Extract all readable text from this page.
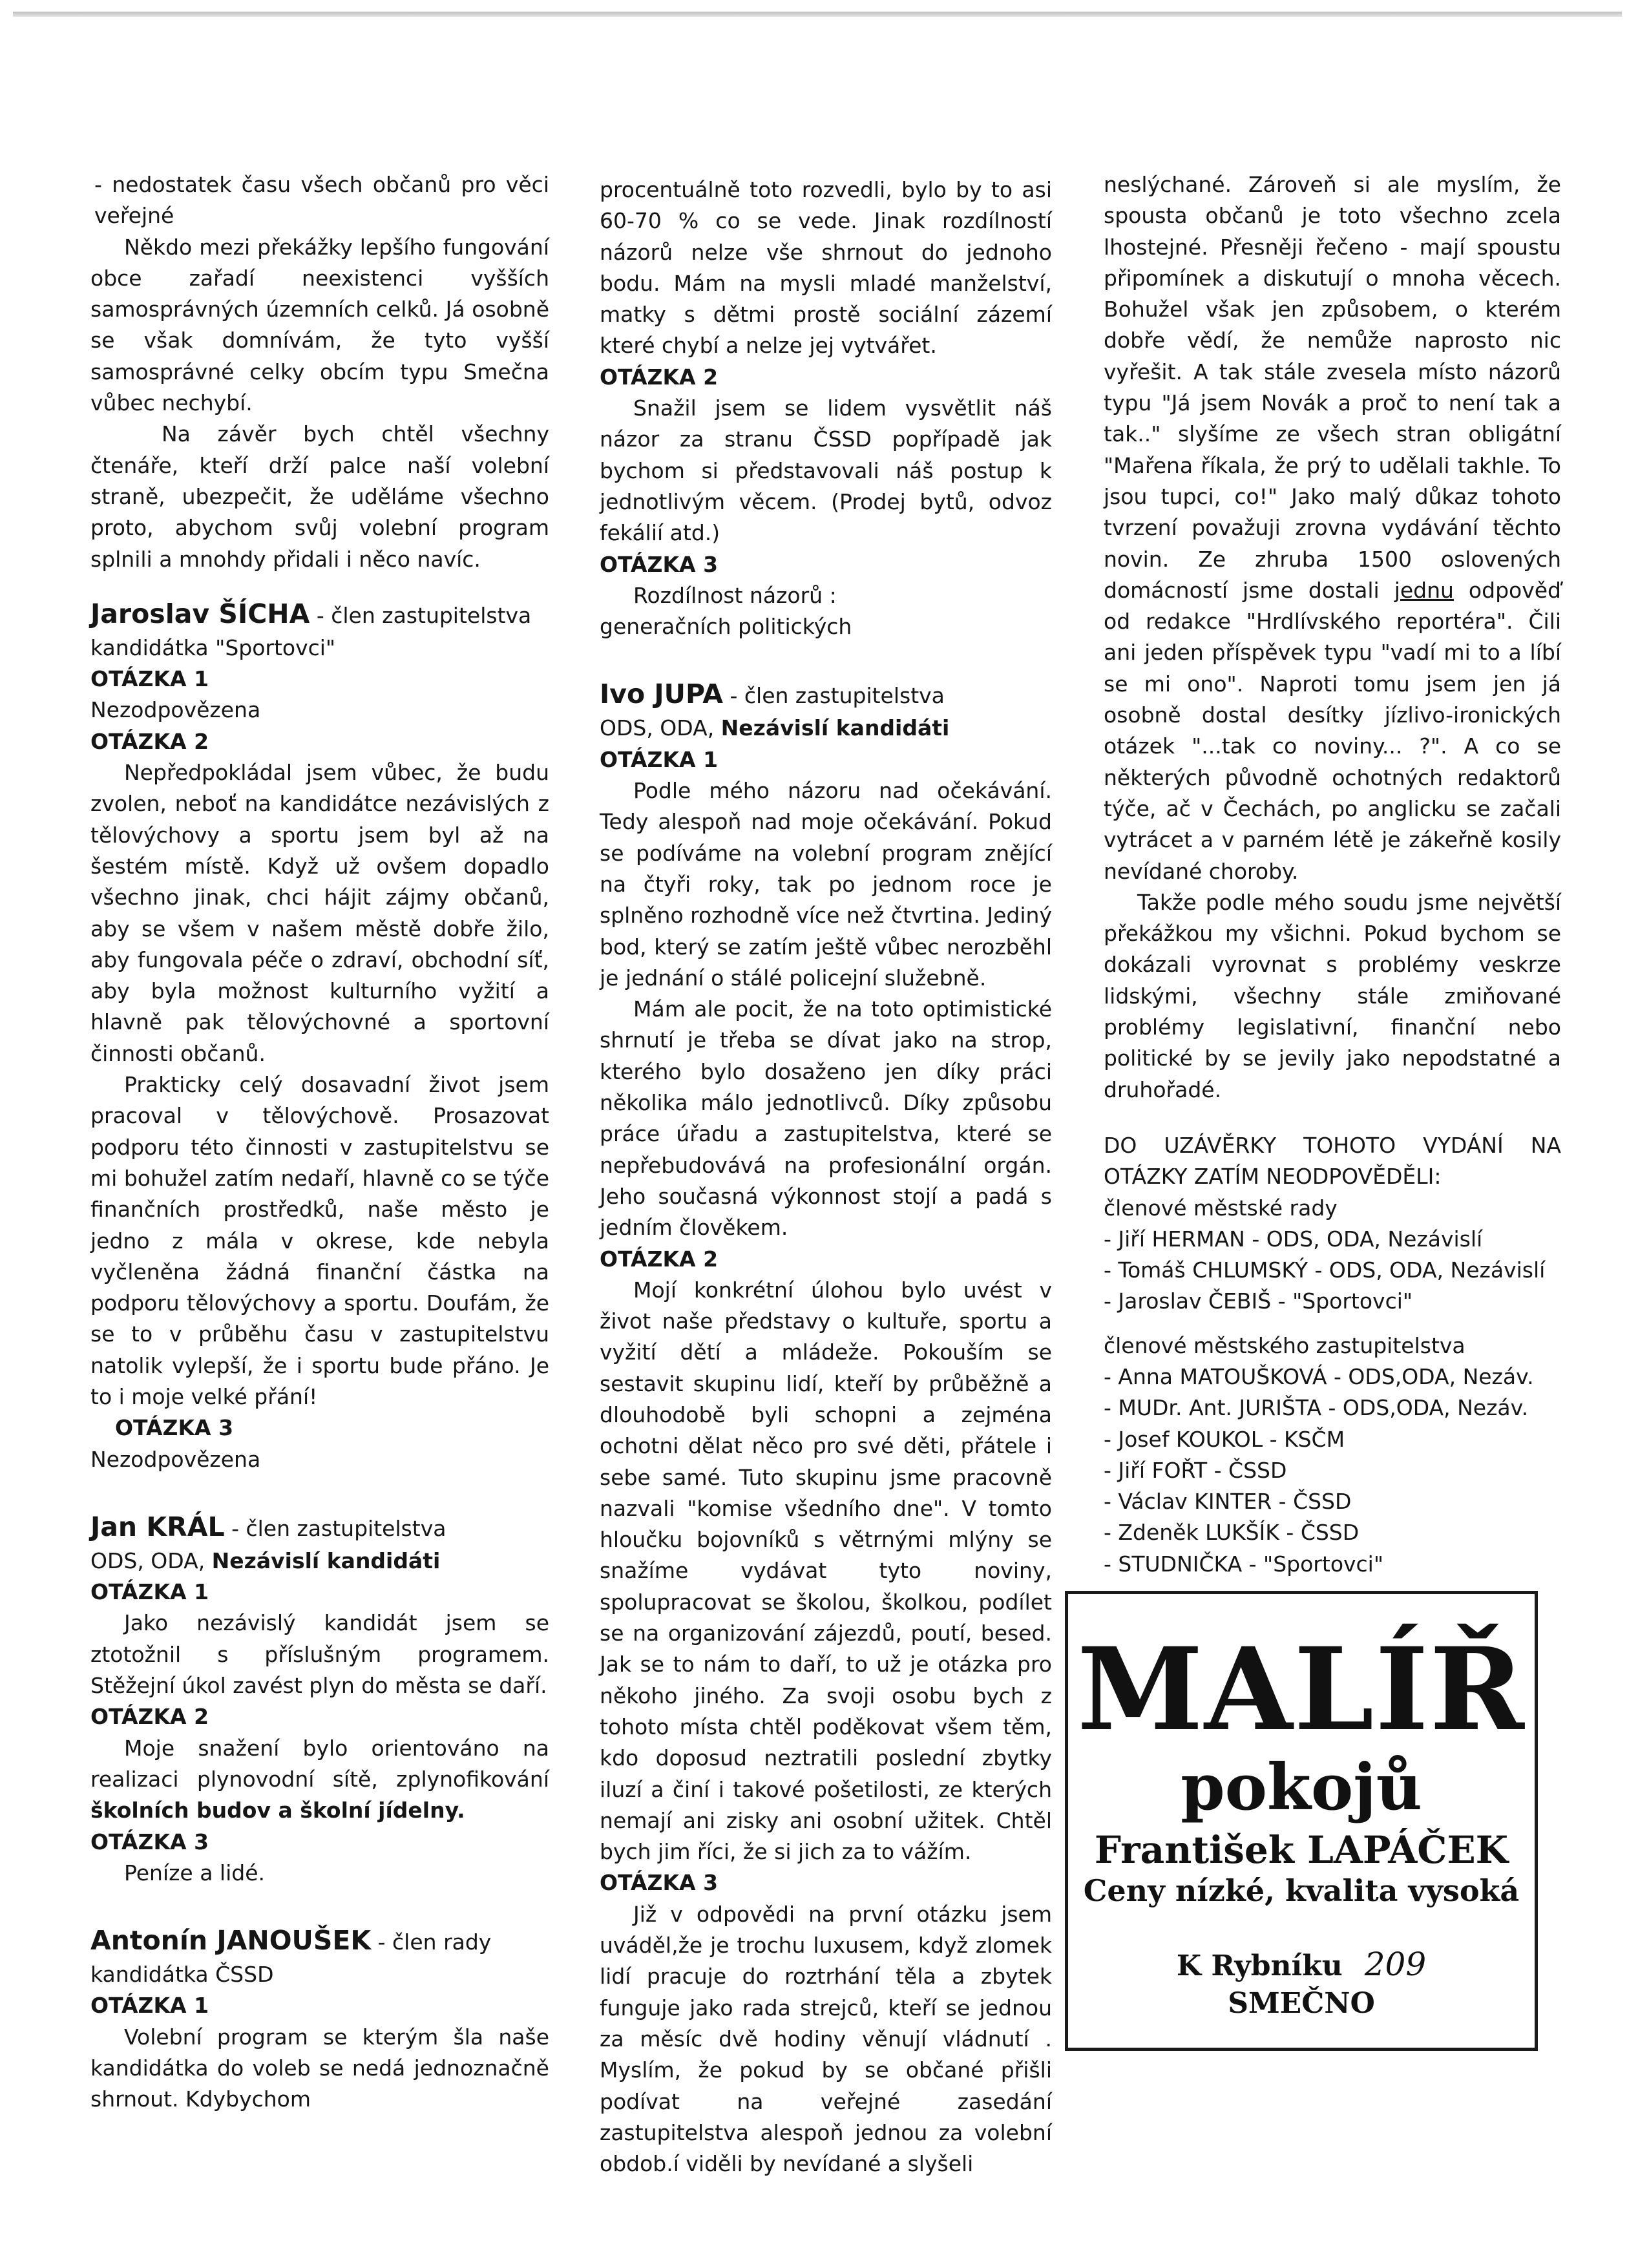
- nedostatek času všech občanů pro věci veřejné

Někdo mezi překážky lepšího fungování obce zařadí neexistenci vyšších samosprávných územních celků. Já osobně se však domnívám, že tyto vyšší samosprávné celky obcím typu Smečna vůbec nechybí.

Na závěr bych chtěl všechny čtenáře, kteří drží palce naší volební straně, ubezpečit, že uděláme všechno proto, abychom svůj volební program splnili a mnohdy přidali i něco navíc.

Jaroslav ŠÍCHA - člen zastupitelstva

kandidátka "Sportovci"

OTÁZKA 1

Nezodpovězena

OTÁZKA 2

Nepředpokládal jsem vůbec, že budu zvolen, neboť na kandidátce nezávislých z tělovýchovy a sportu jsem byl až na šestém místě. Když už ovšem dopadlo všechno jinak, chci hájit zájmy občanů, aby se všem v našem městě dobře žilo, aby fungovala péče o zdraví, obchodní síť, aby byla možnost kulturního vyžití a hlavně pak tělovýchovné a sportovní činnosti občanů.

Prakticky celý dosavadní život jsem pracoval v tělovýchově. Prosazovat podporu této činnosti v zastupitelstvu se mi bohužel zatím nedaří, hlavně co se týče finančních prostředků, naše město je jedno z mála v okrese, kde nebyla vyčleněna žádná finanční částka na podporu tělovýchovy a sportu. Doufám, že se to v průběhu času v zastupitelstvu natolik vylepší, že i sportu bude přáno. Je to i moje velké přání!

OTÁZKA 3

Nezodpovězena

Jan KRÁL - člen zastupitelstva

ODS, ODA, Nezávislí kandidáti

OTÁZKA 1

Jako nezávislý kandidát jsem se ztotožnil s příslušným programem. Stěžejní úkol zavést plyn do města se daří.

OTÁZKA 2

Moje snažení bylo orientováno na realizaci plynovodní sítě, zplynofikování školních budov a školní jídelny.

OTÁZKA 3

Peníze a lidé.

Antonín JANOUŠEK - člen rady

kandidátka ČSSD

OTÁZKA 1

Volební program se kterým šla naše kandidátka do voleb se nedá jednoznačně shrnout. Kdybychom

procentuálně toto rozvedli, bylo by to asi 60-70 % co se vede. Jinak rozdílností názorů nelze vše shrnout do jednoho bodu. Mám na mysli mladé manželství, matky s dětmi prostě sociální zázemí které chybí a nelze jej vytvářet.

OTÁZKA 2

Snažil jsem se lidem vysvětlit náš názor za stranu ČSSD popřípadě jak bychom si představovali náš postup k jednotlivým věcem. (Prodej bytů, odvoz fekálií atd.)

OTÁZKA 3

Rozdílnost názorů : generačních politických

Ivo JUPA - člen zastupitelstva

ODS, ODA, Nezávislí kandidáti

OTÁZKA 1

Podle mého názoru nad očekávání. Tedy alespoň nad moje očekávání. Pokud se podíváme na volební program znějící na čtyři roky, tak po jednom roce je splněno rozhodně více než čtvrtina. Jediný bod, který se zatím ještě vůbec nerozběhl je jednání o stálé policejní služebně.

Mám ale pocit, že na toto optimistické shrnutí je třeba se dívat jako na strop, kterého bylo dosaženo jen díky práci několika málo jednotlivců. Díky způsobu práce úřadu a zastupitelstva, které se nepřebudovává na profesionální orgán. Jeho současná výkonnost stojí a padá s jedním člověkem.

OTÁZKA 2

Mojí konkrétní úlohou bylo uvést v život naše představy o kultuře, sportu a vyžití dětí a mládeže. Pokouším se sestavit skupinu lidí, kteří by průběžně a dlouhodobě byli schopni a zejména ochotni dělat něco pro své děti, přátele i sebe samé. Tuto skupinu jsme pracovně nazvali "komise všedního dne". V tomto hloučku bojovníků s větrnými mlýny se snažíme vydávat tyto noviny, spolupracovat se školou, školkou, podílet se na organizování zájezdů, poutí, besed. Jak se to nám to daří, to už je otázka pro někoho jiného. Za svoji osobu bych z tohoto místa chtěl poděkovat všem těm, kdo doposud neztratili poslední zbytky iluzí a činí i takové pošetilosti, ze kterých nemají ani zisky ani osobní užitek. Chtěl bych jim říci, že si jich za to vážím.

OTÁZKA 3

Již v odpovědi na první otázku jsem uváděl,že je trochu luxusem, když zlomek lidí pracuje do roztrhání těla a zbytek funguje jako rada strejců, kteří se jednou za měsíc dvě hodiny věnují vládnutí . Myslím, že pokud by se občané přišli podívat na veřejné zasedání zastupitelstva alespoň jednou za volební obdob.í viděli by nevídané a slyšeli

neslýchané. Zároveň si ale myslím, že spousta občanů je toto všechno zcela lhostejné. Přesněji řečeno - mají spoustu připomínek a diskutují o mnoha věcech. Bohužel však jen způsobem, o kterém dobře vědí, že nemůže naprosto nic vyřešit. A tak stále zvesela místo názorů typu "Já jsem Novák a proč to není tak a tak.." slyšíme ze všech stran obligátní "Mařena říkala, že prý to udělali takhle. To jsou tupci, co!" Jako malý důkaz tohoto tvrzení považuji zrovna vydávání těchto novin. Ze zhruba 1500 oslovených domácností jsme dostali jednu odpověď od redakce "Hrdlívského reportéra". Čili ani jeden příspěvek typu "vadí mi to a líbí se mi ono". Naproti tomu jsem jen já osobně dostal desítky jízlivo-ironických otázek "...tak co noviny... ?". A co se některých původně ochotných redaktorů týče, ač v Čechách, po anglicku se začali vytrácet a v parném létě je zákeřně kosily nevídané choroby.

Takže podle mého soudu jsme největší překážkou my všichni. Pokud bychom se dokázali vyrovnat s problémy veskrze lidskými, všechny stále zmiňované problémy legislativní, finanční nebo politické by se jevily jako nepodstatné a druhořadé.

DO UZÁVĚRKY TOHOTO VYDÁNÍ NA OTÁZKY ZATÍM NEODPOVĚDĚLI:

členové městské rady

- Jiří HERMAN - ODS, ODA, Nezávislí

- Tomáš CHLUMSKÝ - ODS, ODA, Nezávislí

- Jaroslav ČEBIŠ - "Sportovci"

členové městského zastupitelstva

- Anna MATOUŠKOVÁ - ODS,ODA, Nezáv.

- MUDr. Ant. JURIŠTA - ODS,ODA, Nezáv.

- Josef KOUKOL - KSČM

- Jiří FOŘT - ČSSD

- Václav KINTER - ČSSD

- Zdeněk LUKŠÍK - ČSSD

- STUDNIČKA - "Sportovci"

MALÍŘ
pokojů
František LAPÁČEK
Ceny nízké, kvalita vysoká
K Rybníku 209
SMEČNO
